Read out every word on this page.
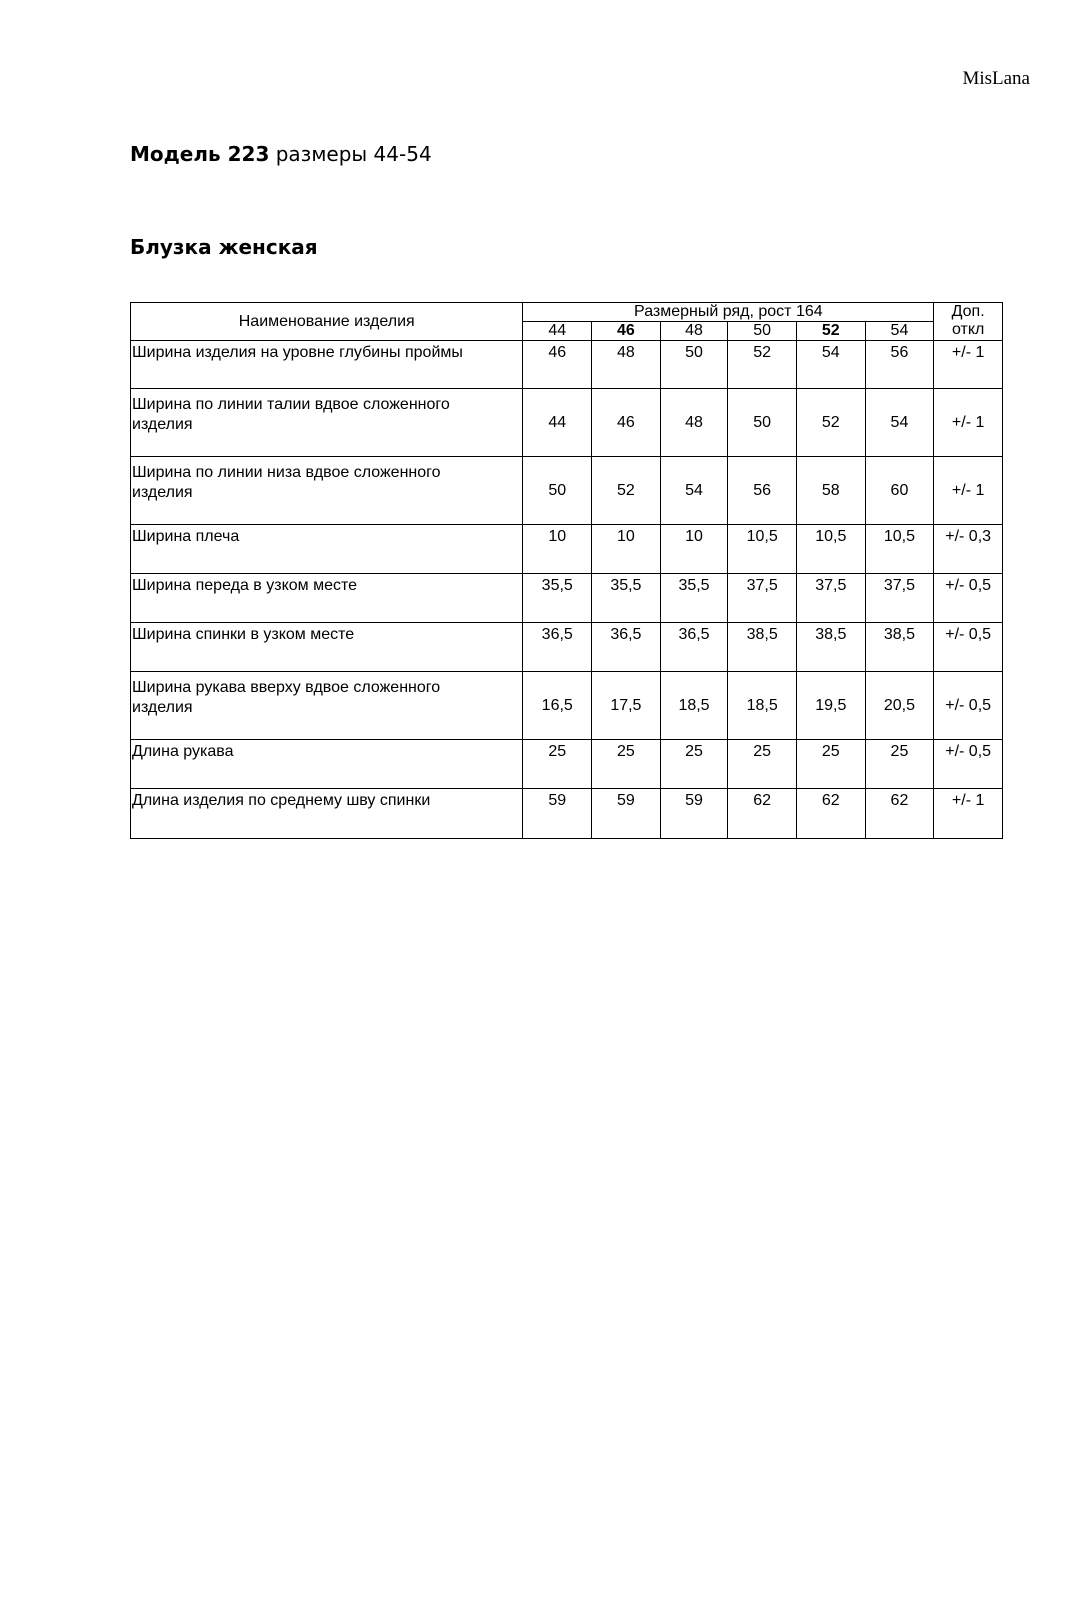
MisLana
Модель 223 размеры 44-54
Блузка женская
Наименование изделия	Размерный ряд, рост 164						Доп.
откл

	44	46	48	50	52	54	

Ширина изделия на уровне глубины проймы	46	48	50	52	54	56	+/- 1

Ширина по линии талии вдвое сложенного
изделия	44	46	48	50	52	54	+/- 1

Ширина по линии низа вдвое сложенного
изделия	50	52	54	56	58	60	+/- 1

Ширина плеча	10	10	10	10,5	10,5	10,5	+/- 0,3

Ширина переда в узком месте	35,5	35,5	35,5	37,5	37,5	37,5	+/- 0,5

Ширина спинки в узком месте	36,5	36,5	36,5	38,5	38,5	38,5	+/- 0,5

Ширина рукава вверху вдвое сложенного
изделия	16,5	17,5	18,5	18,5	19,5	20,5	+/- 0,5

Длина рукава	25	25	25	25	25	25	+/- 0,5

Длина изделия по среднему шву спинки	59	59	59	62	62	62	+/- 1
